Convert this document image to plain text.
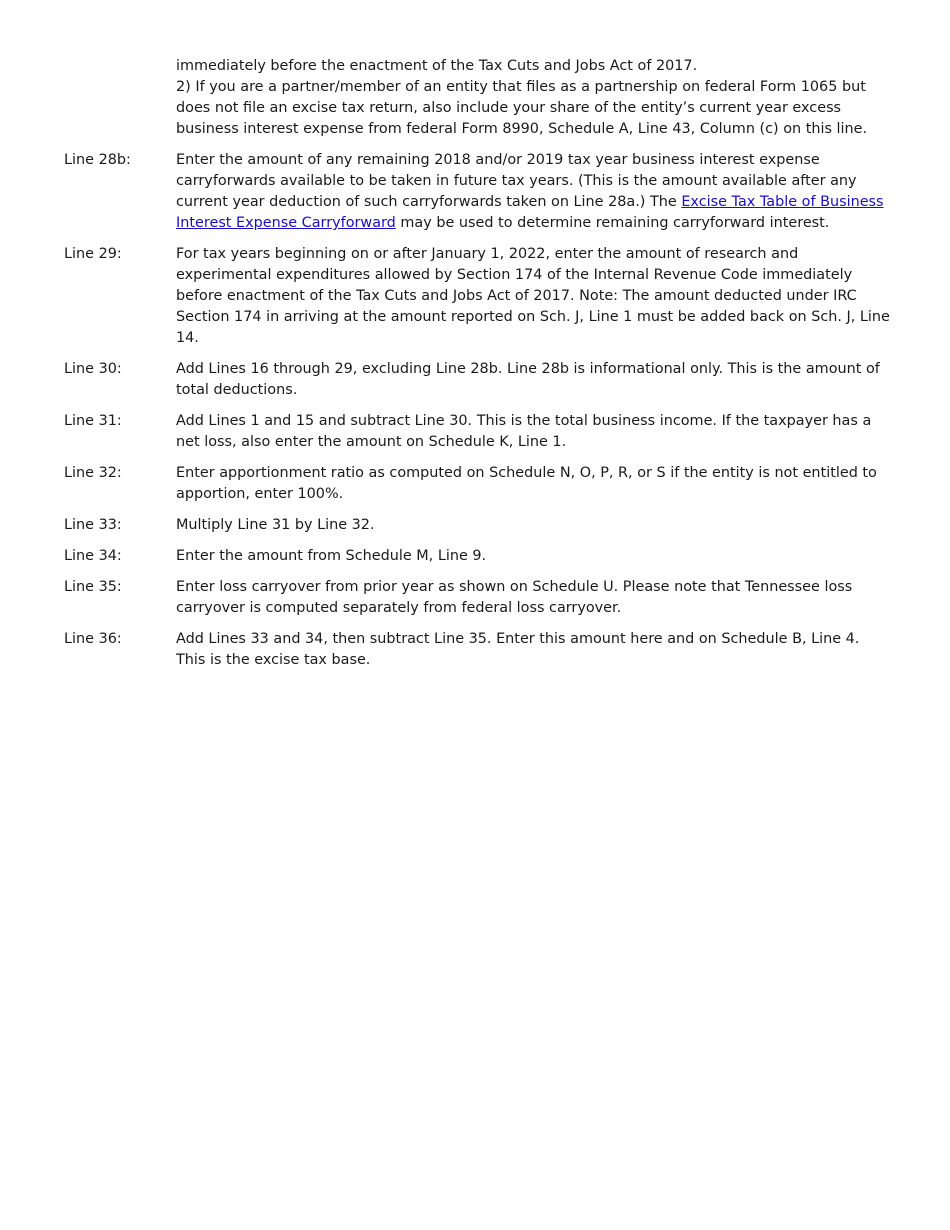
immediately before the enactment of the Tax Cuts and Jobs Act of 2017.
2) If you are a partner/member of an entity that files as a partnership on federal Form 1065 but does not file an excise tax return, also include your share of the entity’s current year excess business interest expense from federal Form 8990, Schedule A, Line 43, Column (c) on this line.
Line 28b:	Enter the amount of any remaining 2018 and/or 2019 tax year business interest expense carryforwards available to be taken in future tax years. (This is the amount available after any current year deduction of such carryforwards taken on Line 28a.) The Excise Tax Table of Business Interest Expense Carryforward may be used to determine remaining carryforward interest.
Line 29:	For tax years beginning on or after January 1, 2022, enter the amount of research and experimental expenditures allowed by Section 174 of the Internal Revenue Code immediately before enactment of the Tax Cuts and Jobs Act of 2017. Note: The amount deducted under IRC Section 174 in arriving at the amount reported on Sch. J, Line 1 must be added back on Sch. J, Line 14.
Line 30:	Add Lines 16 through 29, excluding Line 28b. Line 28b is informational only. This is the amount of total deductions.
Line 31:	Add Lines 1 and 15 and subtract Line 30. This is the total business income. If the taxpayer has a net loss, also enter the amount on Schedule K, Line 1.
Line 32:	Enter apportionment ratio as computed on Schedule N, O, P, R, or S if the entity is not entitled to apportion, enter 100%.
Line 33:	Multiply Line 31 by Line 32.
Line 34:	Enter the amount from Schedule M, Line 9.
Line 35:	Enter loss carryover from prior year as shown on Schedule U. Please note that Tennessee loss carryover is computed separately from federal loss carryover.
Line 36:	Add Lines 33 and 34, then subtract Line 35. Enter this amount here and on Schedule B, Line 4. This is the excise tax base.
